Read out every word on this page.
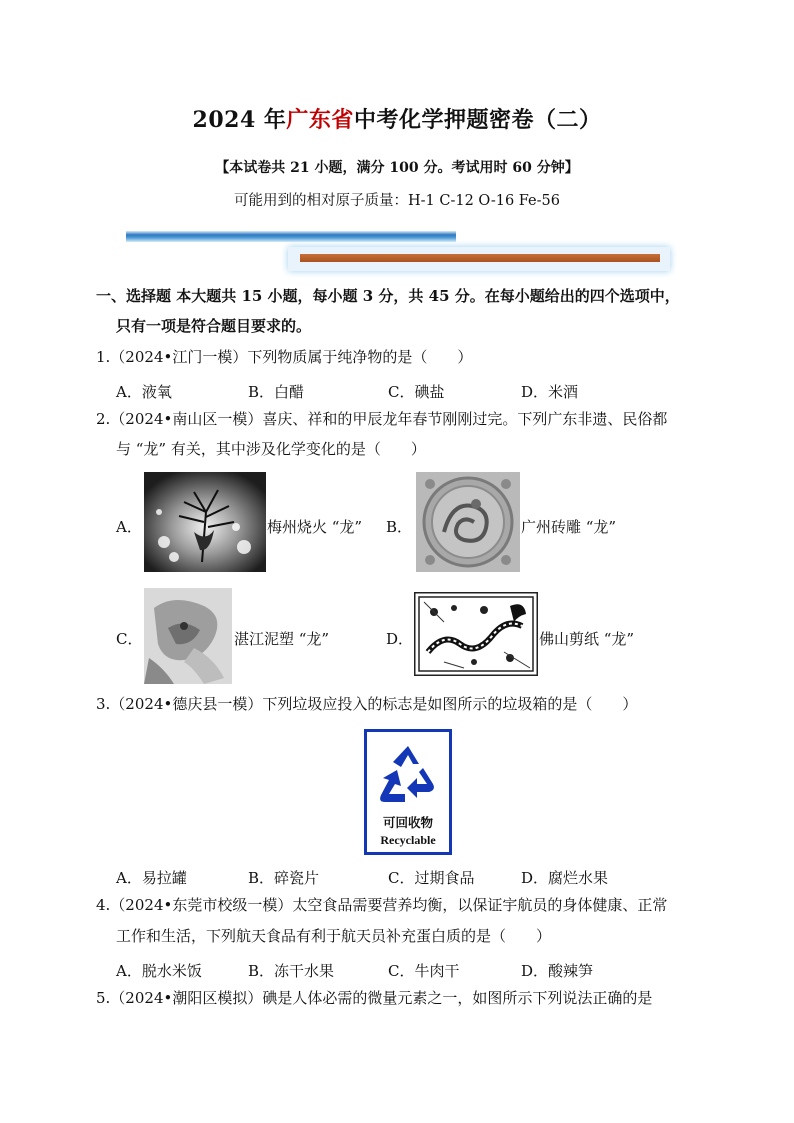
2024 年广东省中考化学押题密卷（二）
【本试卷共 21 小题，满分 100 分。考试用时 60 分钟】
可能用到的相对原子质量：H-1 C-12 O-16 Fe-56
一、选择题 本大题共 15 小题，每小题 3 分，共 45 分。在每小题给出的四个选项中，
只有一项是符合题目要求的。
1.（2024•江门一模）下列物质属于纯净物的是（　　）
A．液氧	B．白醋	C．碘盐	D．米酒
2.（2024•南山区一模）喜庆、祥和的甲辰龙年春节刚刚过完。下列广东非遗、民俗都
与 “龙” 有关，其中涉及化学变化的是（　　）
A．	梅州烧火 “龙” B．	广州砖雕 “龙”
C．	湛江泥塑 “龙”	D．	佛山剪纸 “龙”
3.（2024•德庆县一模）下列垃圾应投入的标志是如图所示的垃圾箱的是（　　）
可回收物
Recyclable
A．易拉罐	B．碎瓷片	C．过期食品	D．腐烂水果
4.（2024•东莞市校级一模）太空食品需要营养均衡，以保证宇航员的身体健康、正常
工作和生活，下列航天食品有利于航天员补充蛋白质的是（　　）
A．脱水米饭	B．冻干水果	C．牛肉干	D．酸辣笋
5.（2024•潮阳区模拟）碘是人体必需的微量元素之一，如图所示下列说法正确的是
